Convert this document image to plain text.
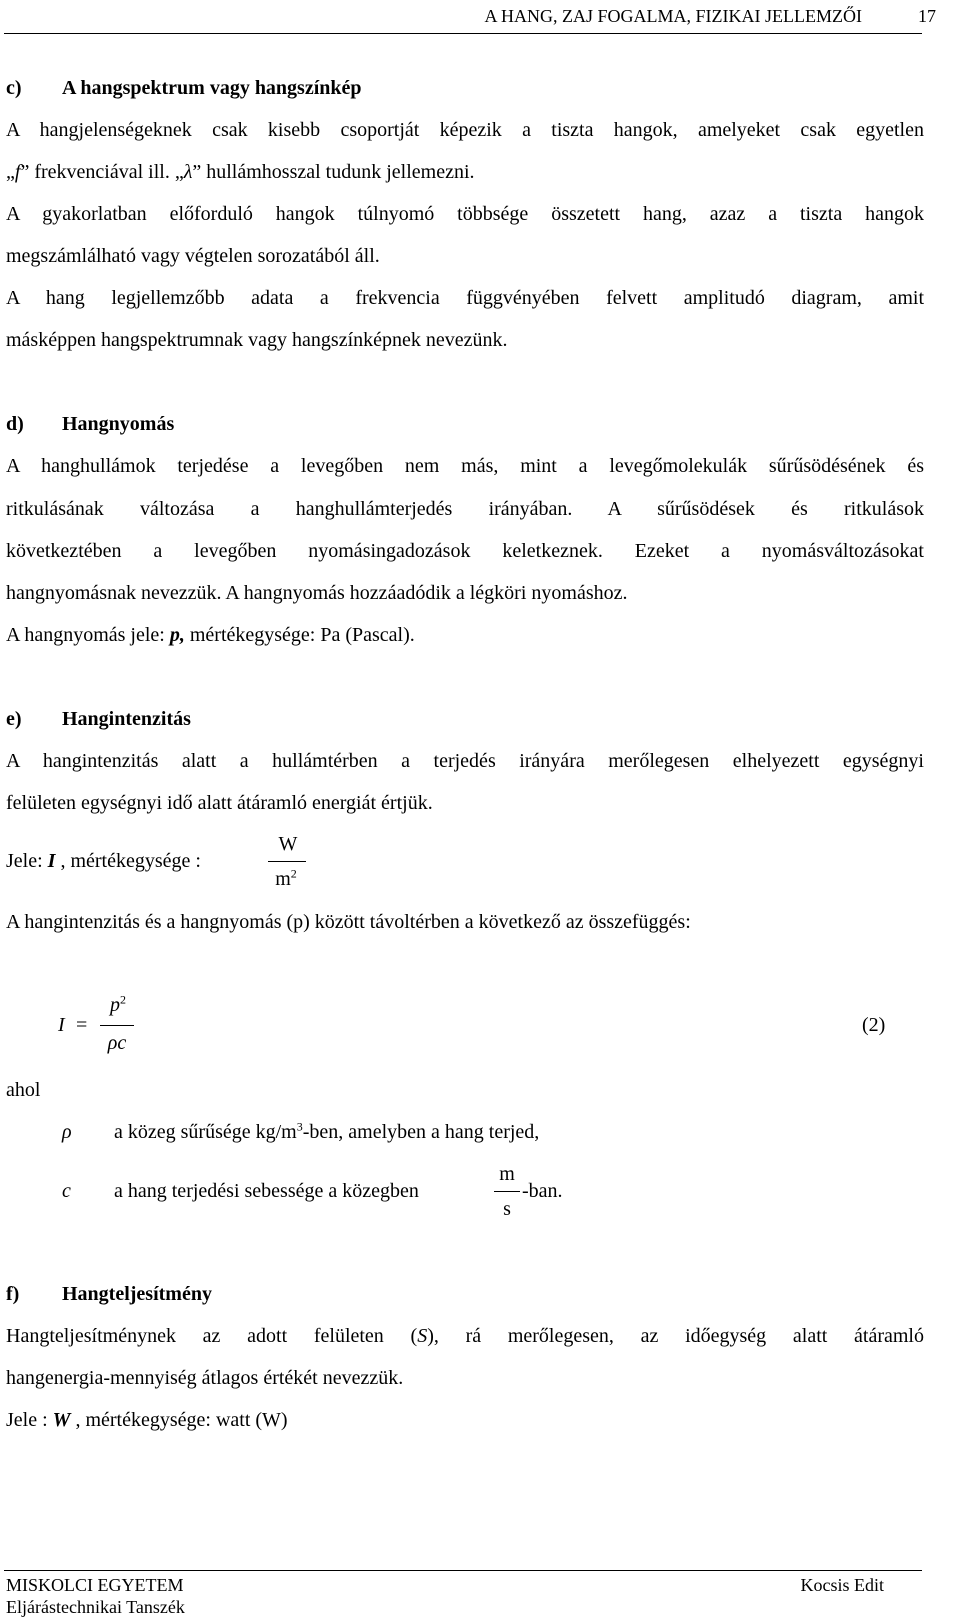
A HANG, ZAJ FOGALMA, FIZIKAI JELLEMZŐI	17
c) A hangspektrum vagy hangszínkép
A hangjelenségeknek csak kisebb csoportját képezik a tiszta hangok, amelyeket csak egyetlen
„f” frekvenciával ill. „λ” hullámhosszal tudunk jellemezni.
A gyakorlatban előforduló hangok túlnyomó többsége összetett hang, azaz a tiszta hangok
megszámlálható vagy végtelen sorozatából áll.
A hang legjellemzőbb adata a frekvencia függvényében felvett amplitudó diagram, amit
másképpen hangspektrumnak vagy hangszínképnek nevezünk.
d) Hangnyomás
A hanghullámok terjedése a levegőben nem más, mint a levegőmolekulák sűrűsödésének és
ritkulásának változása a hanghullámterjedés irányában. A sűrűsödések és ritkulások
következtében a levegőben nyomásingadozások keletkeznek. Ezeket a nyomásváltozásokat
hangnyomásnak nevezzük. A hangnyomás hozzáadódik a légköri nyomáshoz.
A hangnyomás jele: p, mértékegysége: Pa (Pascal).
e) Hangintenzitás
A hangintenzitás alatt a hullámtérben a terjedés irányára merőlegesen elhelyezett egységnyi
felületen egységnyi idő alatt átáramló energiát értjük.
Jele: I , mértékegysége :
W
$m^2$
A hangintenzitás és a hangnyomás (p) között távoltérben a következő az összefüggés:
I =
$p^2$
ρc
(2)
ahol
ρ a közeg sűrűsége $kg/m^3$-ben, amelyben a hang terjed,
c a hang terjedési sebessége a közegben
m
s
-ban.
f) Hangteljesítmény
Hangteljesítménynek az adott felületen (S), rá merőlegesen, az időegység alatt átáramló
hangenergia-mennyiség átlagos értékét nevezzük.
Jele : W , mértékegysége: watt (W)
MISKOLCI EGYETEM
Eljárástechnikai Tanszék
Kocsis Edit
